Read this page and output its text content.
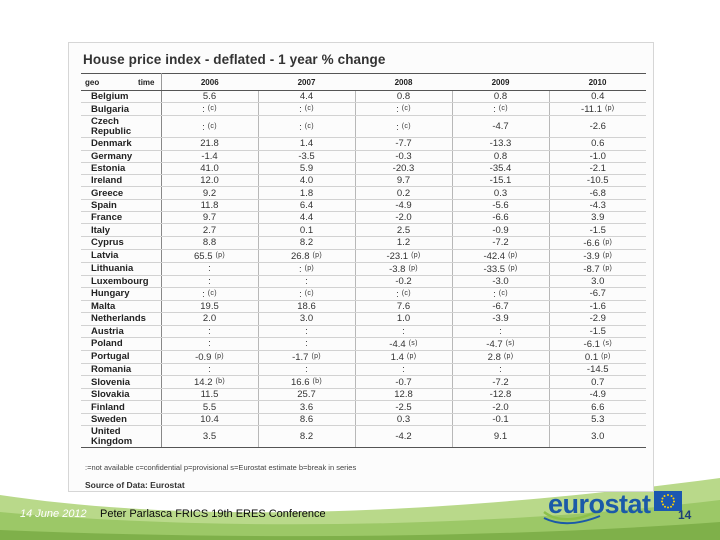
House price index - deflated - 1 year % change
geo time	2006	2007	2008	2009	2010
Belgium	5.6	4.4	0.8	0.8	0.4
Bulgaria	: $^{(c)}$	: $^{(c)}$	: $^{(c)}$	: $^{(c)}$	-11.1 $^{(p)}$
Czech Republic	: $^{(c)}$	: $^{(c)}$	: $^{(c)}$	-4.7	-2.6
Denmark	21.8	1.4	-7.7	-13.3	0.6
Germany	-1.4	-3.5	-0.3	0.8	-1.0
Estonia	41.0	5.9	-20.3	-35.4	-2.1
Ireland	12.0	4.0	9.7	-15.1	-10.5
Greece	9.2	1.8	0.2	0.3	-6.8
Spain	11.8	6.4	-4.9	-5.6	-4.3
France	9.7	4.4	-2.0	-6.6	3.9
Italy	2.7	0.1	2.5	-0.9	-1.5
Cyprus	8.8	8.2	1.2	-7.2	-6.6 $^{(p)}$
Latvia	65.5 $^{(p)}$	26.8 $^{(p)}$	-23.1 $^{(p)}$	-42.4 $^{(p)}$	-3.9 $^{(p)}$
Lithuania	:	: $^{(p)}$	-3.8 $^{(p)}$	-33.5 $^{(p)}$	-8.7 $^{(p)}$
Luxembourg	:	:	-0.2	-3.0	3.0
Hungary	: $^{(c)}$	: $^{(c)}$	: $^{(c)}$	: $^{(c)}$	-6.7
Malta	19.5	18.6	7.6	-6.7	-1.6
Netherlands	2.0	3.0	1.0	-3.9	-2.9
Austria	:	:	:	:	-1.5
Poland	:	:	-4.4 $^{(s)}$	-4.7 $^{(s)}$	-6.1 $^{(s)}$
Portugal	-0.9 $^{(p)}$	-1.7 $^{(p)}$	1.4 $^{(p)}$	2.8 $^{(p)}$	0.1 $^{(p)}$
Romania	:	:	:	:	-14.5
Slovenia	14.2 $^{(b)}$	16.6 $^{(b)}$	-0.7	-7.2	0.7
Slovakia	11.5	25.7	12.8	-12.8	-4.9
Finland	5.5	3.6	-2.5	-2.0	6.6
Sweden	10.4	8.6	0.3	-0.1	5.3
United Kingdom	3.5	8.2	-4.2	9.1	3.0
:=not available c=confidential p=provisional s=Eurostat estimate b=break in series
Source of Data: Eurostat
14 June 2012 Peter Parlasca FRICS 19th ERES Conference	eurostat 14
